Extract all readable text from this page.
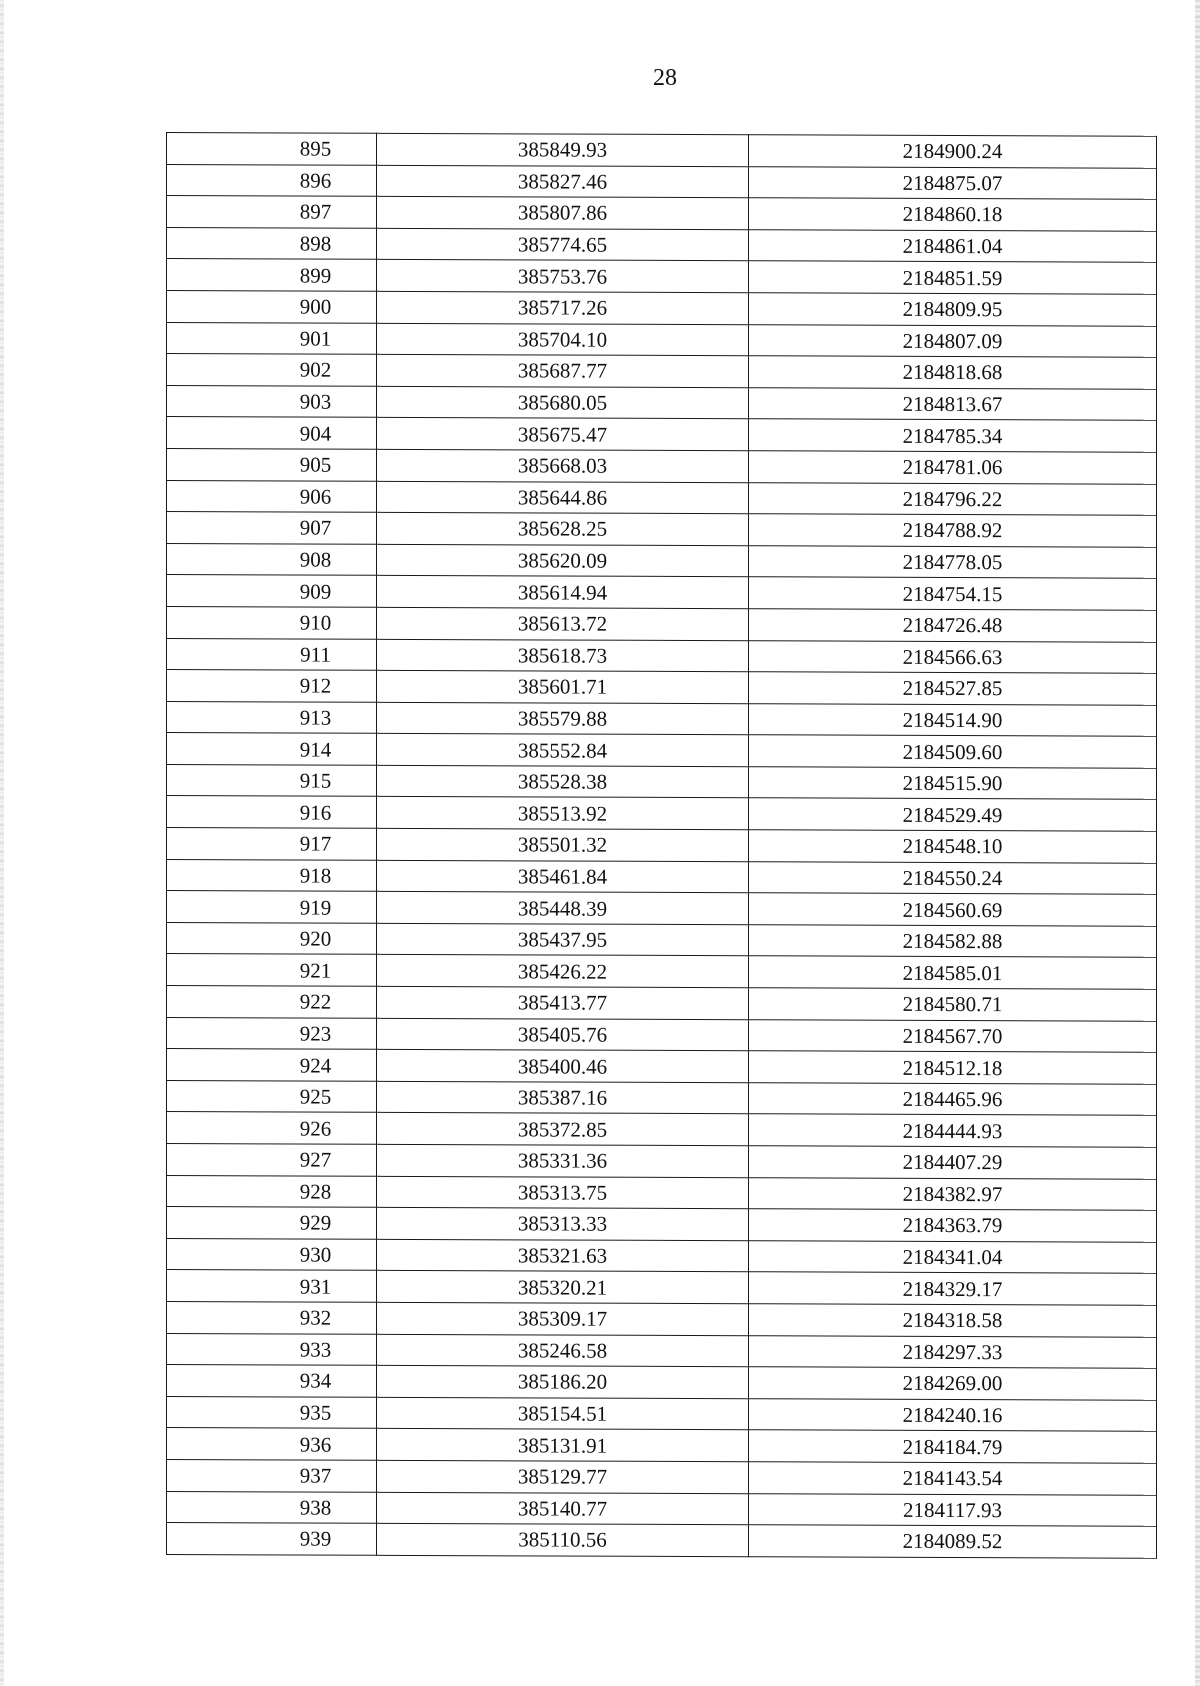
28
895	385849.93	2184900.24
896	385827.46	2184875.07
897	385807.86	2184860.18
898	385774.65	2184861.04
899	385753.76	2184851.59
900	385717.26	2184809.95
901	385704.10	2184807.09
902	385687.77	2184818.68
903	385680.05	2184813.67
904	385675.47	2184785.34
905	385668.03	2184781.06
906	385644.86	2184796.22
907	385628.25	2184788.92
908	385620.09	2184778.05
909	385614.94	2184754.15
910	385613.72	2184726.48
911	385618.73	2184566.63
912	385601.71	2184527.85
913	385579.88	2184514.90
914	385552.84	2184509.60
915	385528.38	2184515.90
916	385513.92	2184529.49
917	385501.32	2184548.10
918	385461.84	2184550.24
919	385448.39	2184560.69
920	385437.95	2184582.88
921	385426.22	2184585.01
922	385413.77	2184580.71
923	385405.76	2184567.70
924	385400.46	2184512.18
925	385387.16	2184465.96
926	385372.85	2184444.93
927	385331.36	2184407.29
928	385313.75	2184382.97
929	385313.33	2184363.79
930	385321.63	2184341.04
931	385320.21	2184329.17
932	385309.17	2184318.58
933	385246.58	2184297.33
934	385186.20	2184269.00
935	385154.51	2184240.16
936	385131.91	2184184.79
937	385129.77	2184143.54
938	385140.77	2184117.93
939	385110.56	2184089.52
